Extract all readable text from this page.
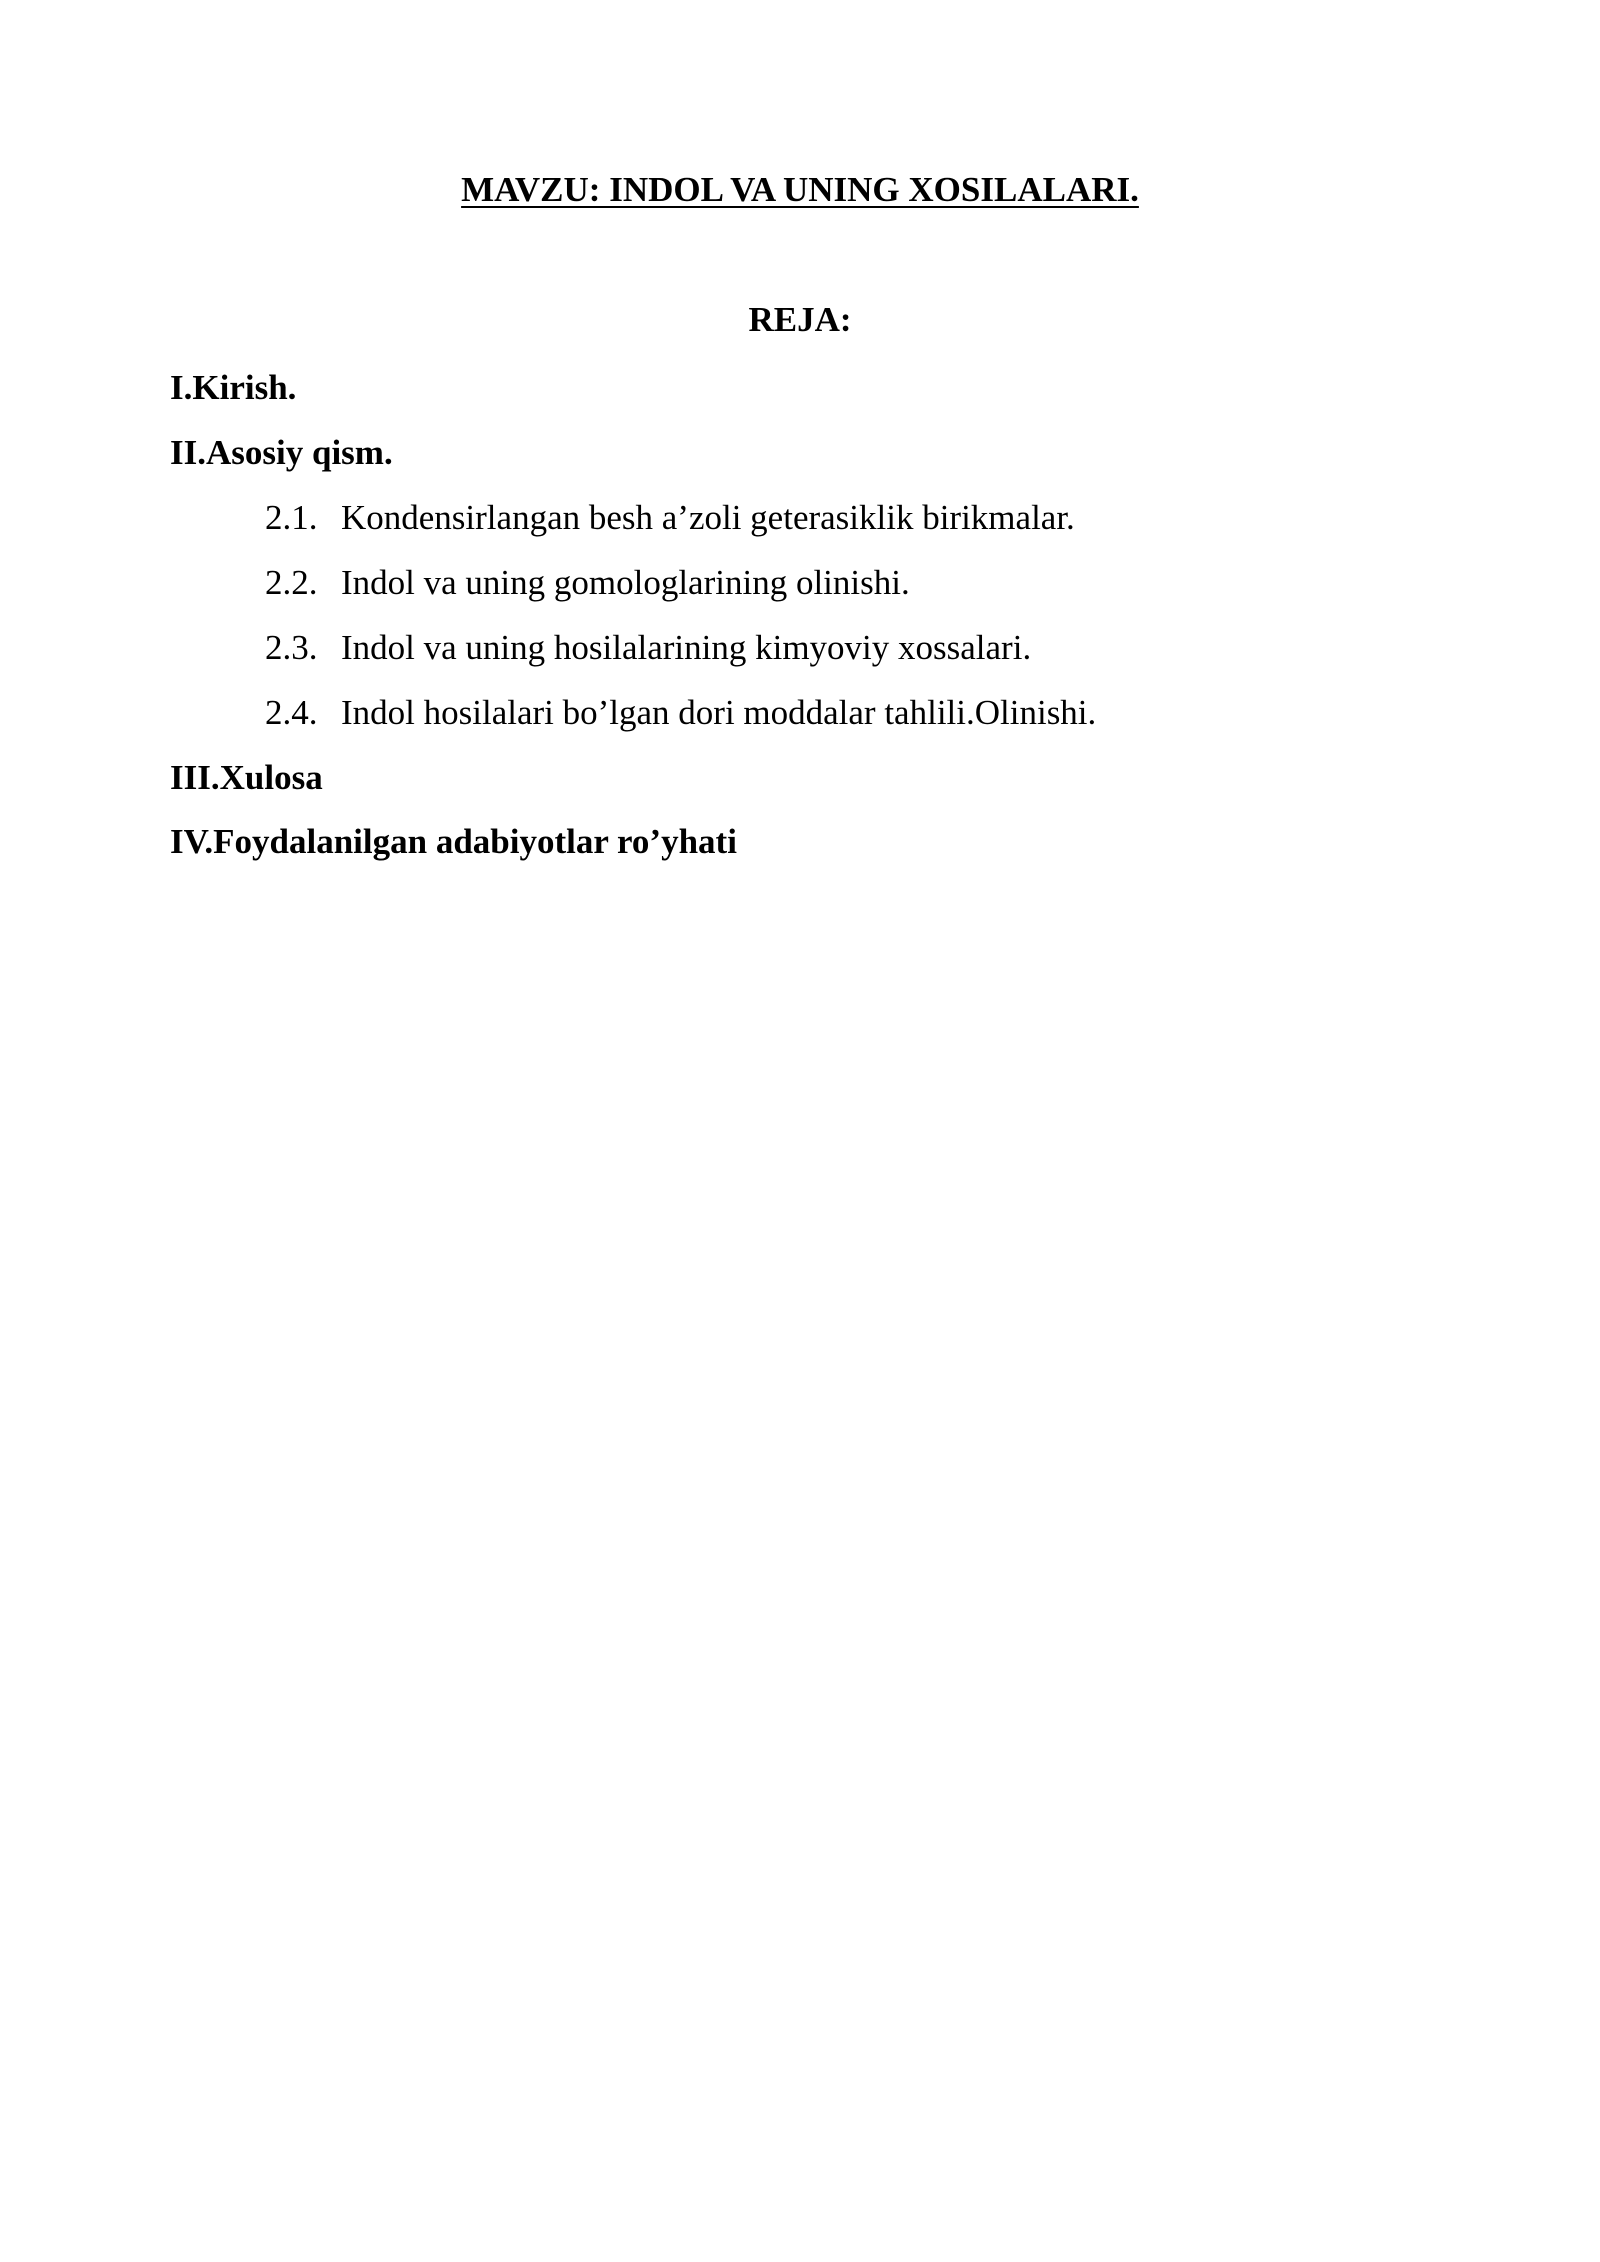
MAVZU: INDOL VA UNING XOSILALARI.
REJA:
I.Kirish.
II.Asosiy qism.
2.1. Kondensirlangan besh a’zoli geterasiklik birikmalar.
2.2. Indol va uning gomologlarining olinishi.
2.3. Indol va uning hosilalarining kimyoviy xossalari.
2.4. Indol hosilalari bo’lgan dori moddalar tahlili.Olinishi.
III.Xulosa
IV.Foydalanilgan adabiyotlar ro’yhati
